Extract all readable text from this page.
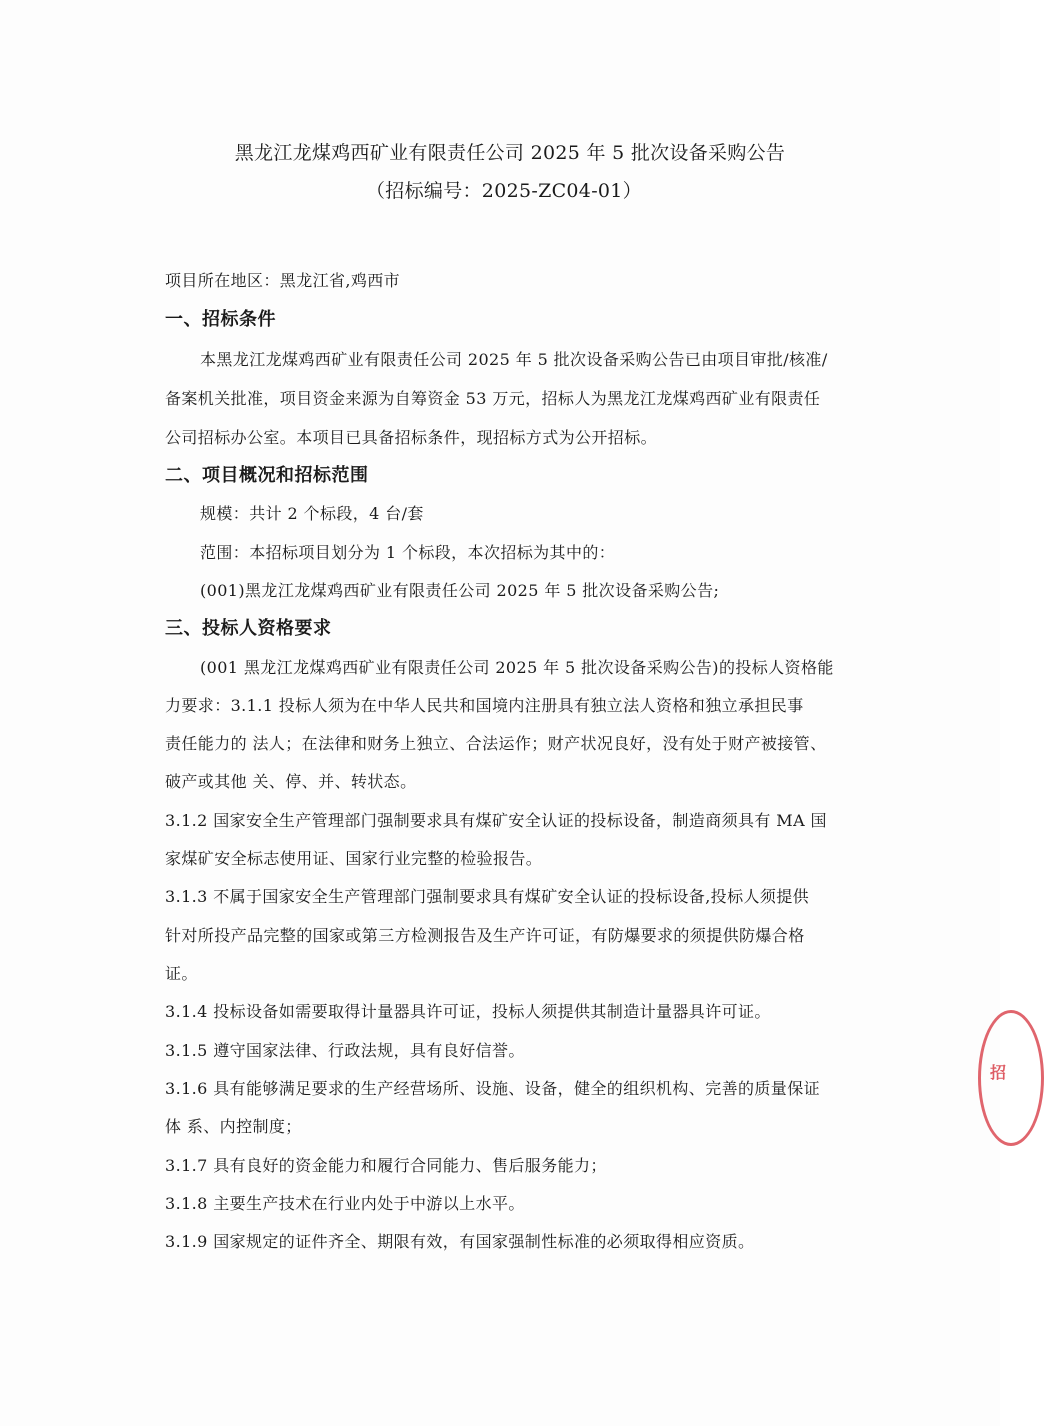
黑龙江龙煤鸡西矿业有限责任公司 2025 年 5 批次设备采购公告
（招标编号：2025-ZC04-01）
项目所在地区：黑龙江省,鸡西市
一、招标条件
本黑龙江龙煤鸡西矿业有限责任公司 2025 年 5 批次设备采购公告已由项目审批/核准/
备案机关批准，项目资金来源为自筹资金 53 万元，招标人为黑龙江龙煤鸡西矿业有限责任
公司招标办公室。本项目已具备招标条件，现招标方式为公开招标。
二、项目概况和招标范围
规模：共计 2 个标段，4 台/套
范围：本招标项目划分为 1 个标段，本次招标为其中的：
(001)黑龙江龙煤鸡西矿业有限责任公司 2025 年 5 批次设备采购公告;
三、投标人资格要求
(001 黑龙江龙煤鸡西矿业有限责任公司 2025 年 5 批次设备采购公告)的投标人资格能
力要求：3.1.1 投标人须为在中华人民共和国境内注册具有独立法人资格和独立承担民事
责任能力的 法人；在法律和财务上独立、合法运作；财产状况良好，没有处于财产被接管、
破产或其他 关、停、并、转状态。
3.1.2 国家安全生产管理部门强制要求具有煤矿安全认证的投标设备，制造商须具有 MA 国
家煤矿安全标志使用证、国家行业完整的检验报告。
3.1.3 不属于国家安全生产管理部门强制要求具有煤矿安全认证的投标设备,投标人须提供
针对所投产品完整的国家或第三方检测报告及生产许可证，有防爆要求的须提供防爆合格
证。
3.1.4 投标设备如需要取得计量器具许可证，投标人须提供其制造计量器具许可证。
3.1.5 遵守国家法律、行政法规，具有良好信誉。
3.1.6 具有能够满足要求的生产经营场所、设施、设备，健全的组织机构、完善的质量保证
体 系、内控制度；
3.1.7 具有良好的资金能力和履行合同能力、售后服务能力；
3.1.8 主要生产技术在行业内处于中游以上水平。
3.1.9 国家规定的证件齐全、期限有效，有国家强制性标准的必须取得相应资质。
招
